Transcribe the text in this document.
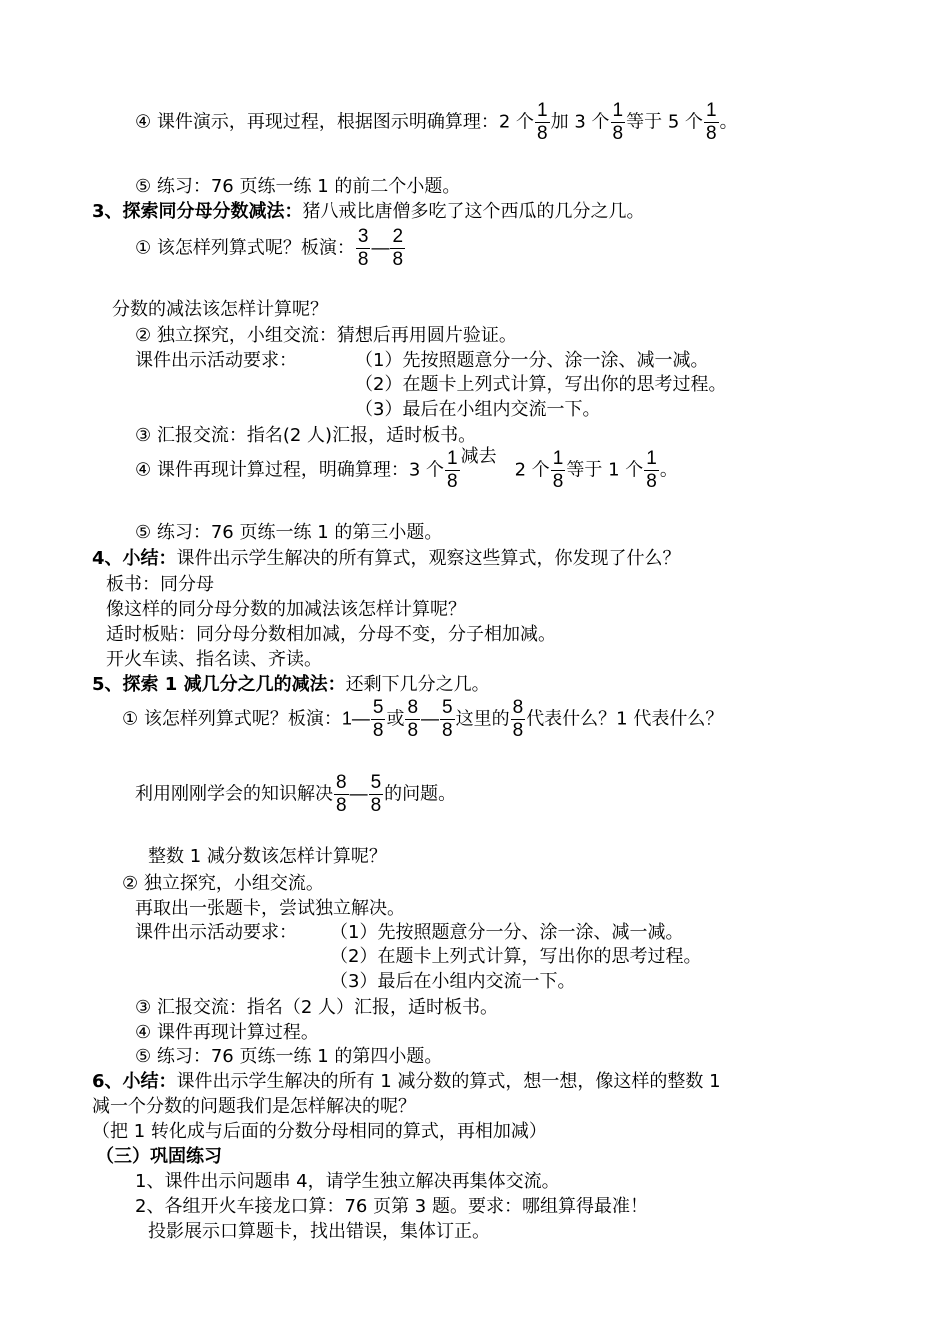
④ 课件演示，再现过程，根据图示明确算理：2 个 $\frac{1}{8}$ 加 3 个 $\frac{1}{8}$ 等于 5 个 $\frac{1}{8}$ 。
⑤ 练习：76 页练一练 1 的前二个小题。
3、探索同分母分数减法：猪八戒比唐僧多吃了这个西瓜的几分之几。
① 该怎样列算式呢？板演： $\frac{3}{8}$ — $\frac{2}{8}$
分数的减法该怎样计算呢？
② 独立探究，小组交流：猜想后再用圆片验证。
课件出示活动要求：	（1）先按照题意分一分、涂一涂、减一减。
（2）在题卡上列式计算，写出你的思考过程。
（3）最后在小组内交流一下。
③ 汇报交流：指名(2 人)汇报，适时板书。
④ 课件再现计算过程，明确算理：3 个 $\frac{1}{8}$ 减去2 个 $\frac{1}{8}$ 等于 1 个 $\frac{1}{8}$ 。
⑤ 练习：76 页练一练 1 的第三小题。
4、小结：课件出示学生解决的所有算式，观察这些算式，你发现了什么？
板书：同分母
像这样的同分母分数的加减法该怎样计算呢？
适时板贴：同分母分数相加减，分母不变，分子相加减。
开火车读、指名读、齐读。
5、探索 1 减几分之几的减法：还剩下几分之几。
① 该怎样列算式呢？板演：1— $\frac{5}{8}$ 或 $\frac{8}{8}$ — $\frac{5}{8}$ 这里的 $\frac{8}{8}$ 代表什么？1 代表什么？
利用刚刚学会的知识解决 $\frac{8}{8}$ — $\frac{5}{8}$ 的问题。
整数 1 减分数该怎样计算呢？
② 独立探究，小组交流。
再取出一张题卡，尝试独立解决。
课件出示活动要求： （1）先按照题意分一分、涂一涂、减一减。
（2）在题卡上列式计算，写出你的思考过程。
（3）最后在小组内交流一下。
③ 汇报交流：指名（2 人）汇报，适时板书。
④ 课件再现计算过程。
⑤ 练习：76 页练一练 1 的第四小题。
6、小结：课件出示学生解决的所有 1 减分数的算式，想一想，像这样的整数 1
减一个分数的问题我们是怎样解决的呢？
（把 1 转化成与后面的分数分母相同的算式，再相加减）
（三）巩固练习
1、课件出示问题串 4，请学生独立解决再集体交流。
2、各组开火车接龙口算：76 页第 3 题。要求：哪组算得最准！
投影展示口算题卡，找出错误，集体订正。
